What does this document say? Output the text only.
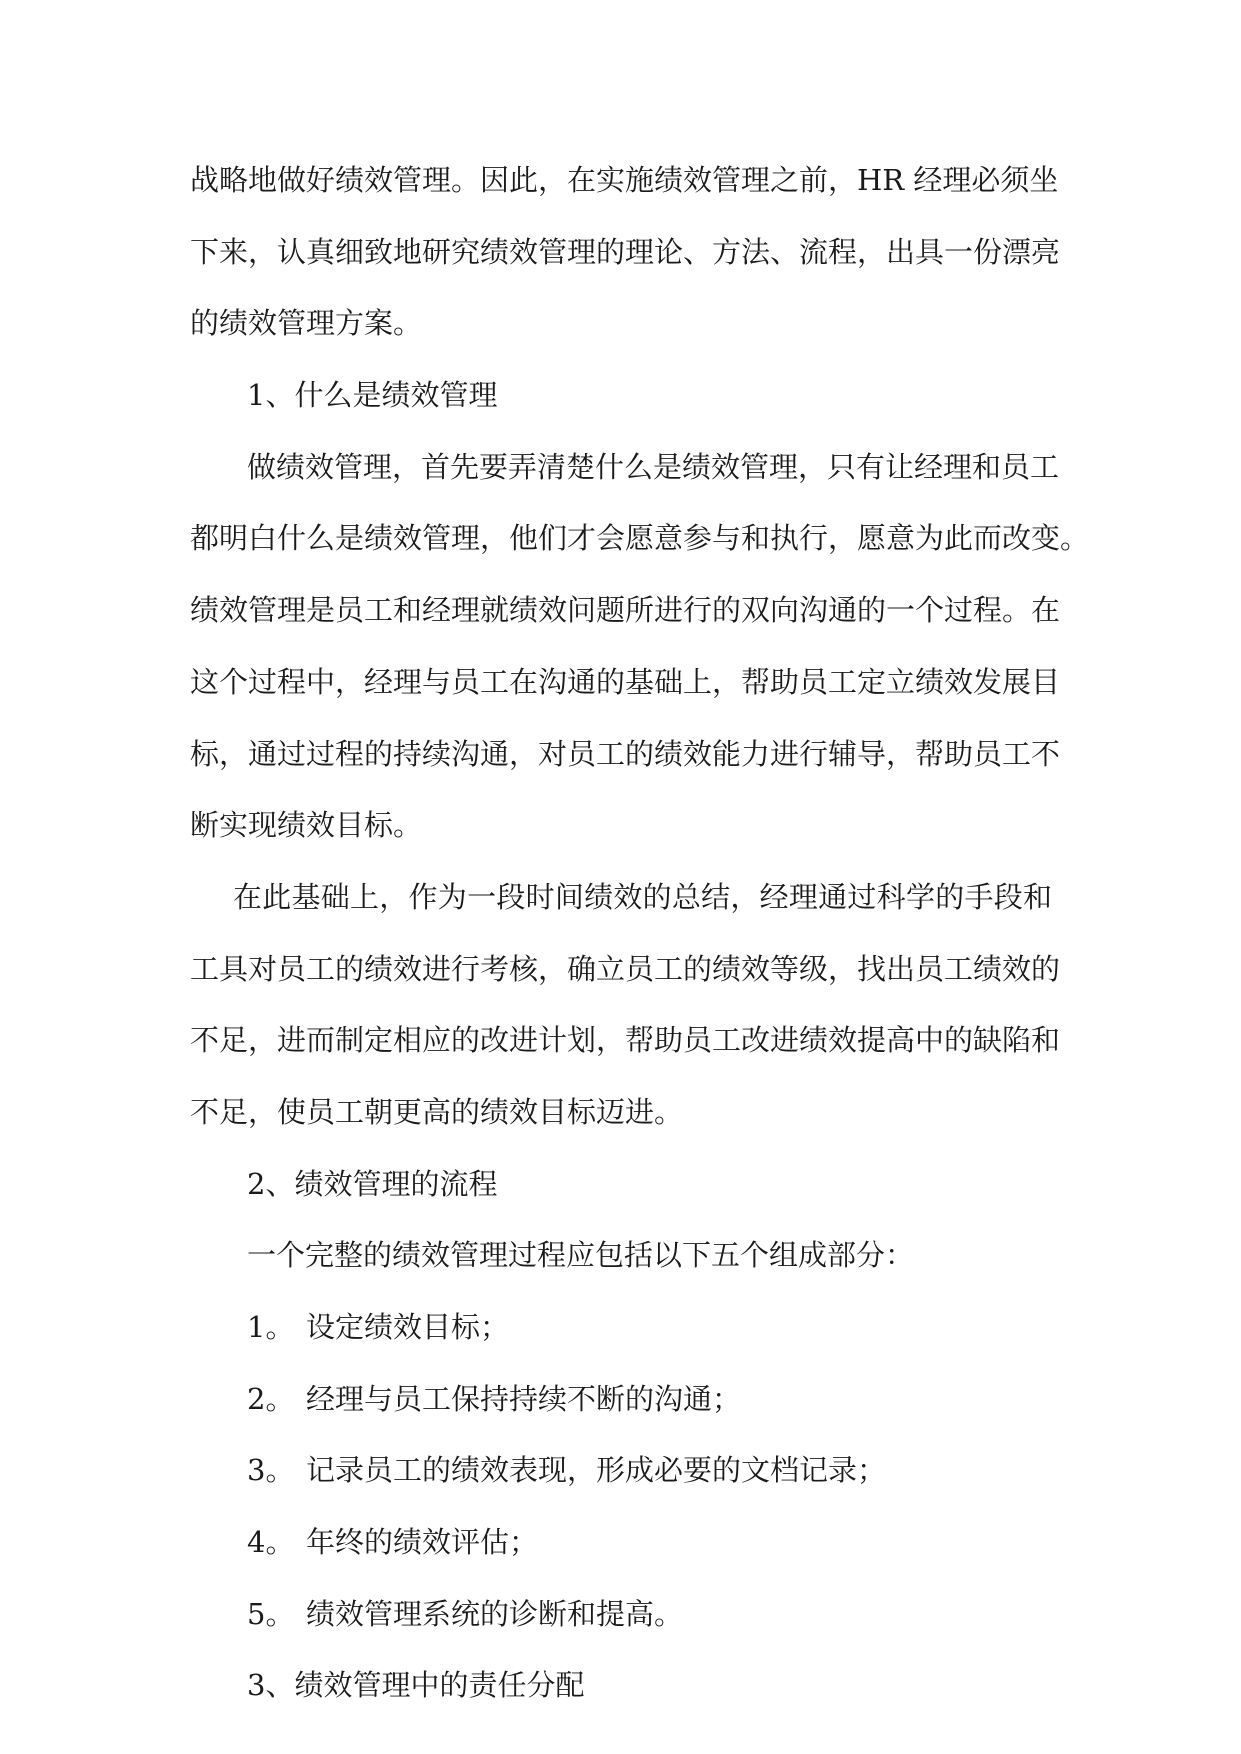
战略地做好绩效管理。因此，在实施绩效管理之前，HR 经理必须坐
下来，认真细致地研究绩效管理的理论、方法、流程，出具一份漂亮
的绩效管理方案。
1、什么是绩效管理
做绩效管理，首先要弄清楚什么是绩效管理，只有让经理和员工
都明白什么是绩效管理，他们才会愿意参与和执行，愿意为此而改变。
绩效管理是员工和经理就绩效问题所进行的双向沟通的一个过程。在
这个过程中，经理与员工在沟通的基础上，帮助员工定立绩效发展目
标，通过过程的持续沟通，对员工的绩效能力进行辅导，帮助员工不
断实现绩效目标。
在此基础上，作为一段时间绩效的总结，经理通过科学的手段和
工具对员工的绩效进行考核，确立员工的绩效等级，找出员工绩效的
不足，进而制定相应的改进计划，帮助员工改进绩效提高中的缺陷和
不足，使员工朝更高的绩效目标迈进。
2、绩效管理的流程
一个完整的绩效管理过程应包括以下五个组成部分：
1。 设定绩效目标；
2。 经理与员工保持持续不断的沟通；
3。 记录员工的绩效表现，形成必要的文档记录；
4。 年终的绩效评估；
5。 绩效管理系统的诊断和提高。
3、绩效管理中的责任分配
